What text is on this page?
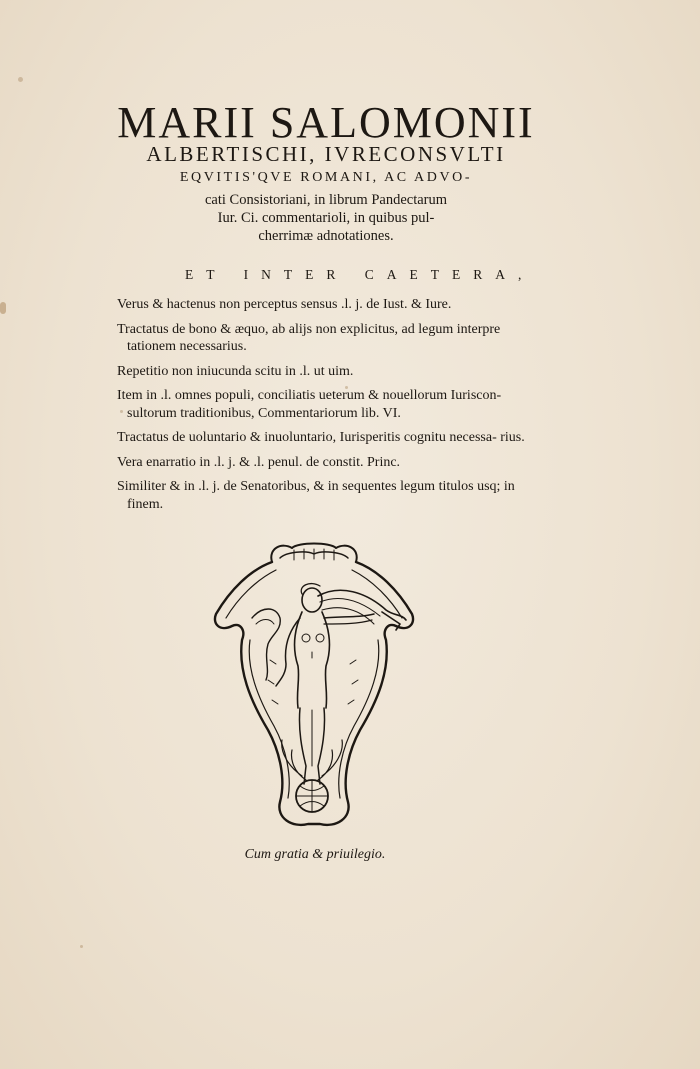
MARII SALOMONII
ALBERTISCHI, IVRECONSVLTI
EQVITIS'QVE ROMANI, AC ADVO-
cati Consistoriani, in librum Pandectarum
Iur. Ci. commentarioli, in quibus pul-
cherrimæ adnotationes.
ET INTER CAETERA,
Verus & hactenus non perceptus sensus .l. j. de Iust. & Iure.
Tractatus de bono & æquo, ab alijs non explicitus, ad legum interpre tationem necessarius.
Repetitio non iniucunda scitu in .l. ut uim.
Item in .l. omnes populi, conciliatis ueterum & nouellorum Iuriscon- sultorum traditionibus, Commentariorum lib. VI.
Tractatus de uoluntario & inuoluntario, Iurisperitis cognitu necessa- rius.
Vera enarratio in .l. j. & .l. penul. de constit. Princ.
Similiter & in .l. j. de Senatoribus, & in sequentes legum titulos usq; in finem.
Cum gratia & priuilegio.
